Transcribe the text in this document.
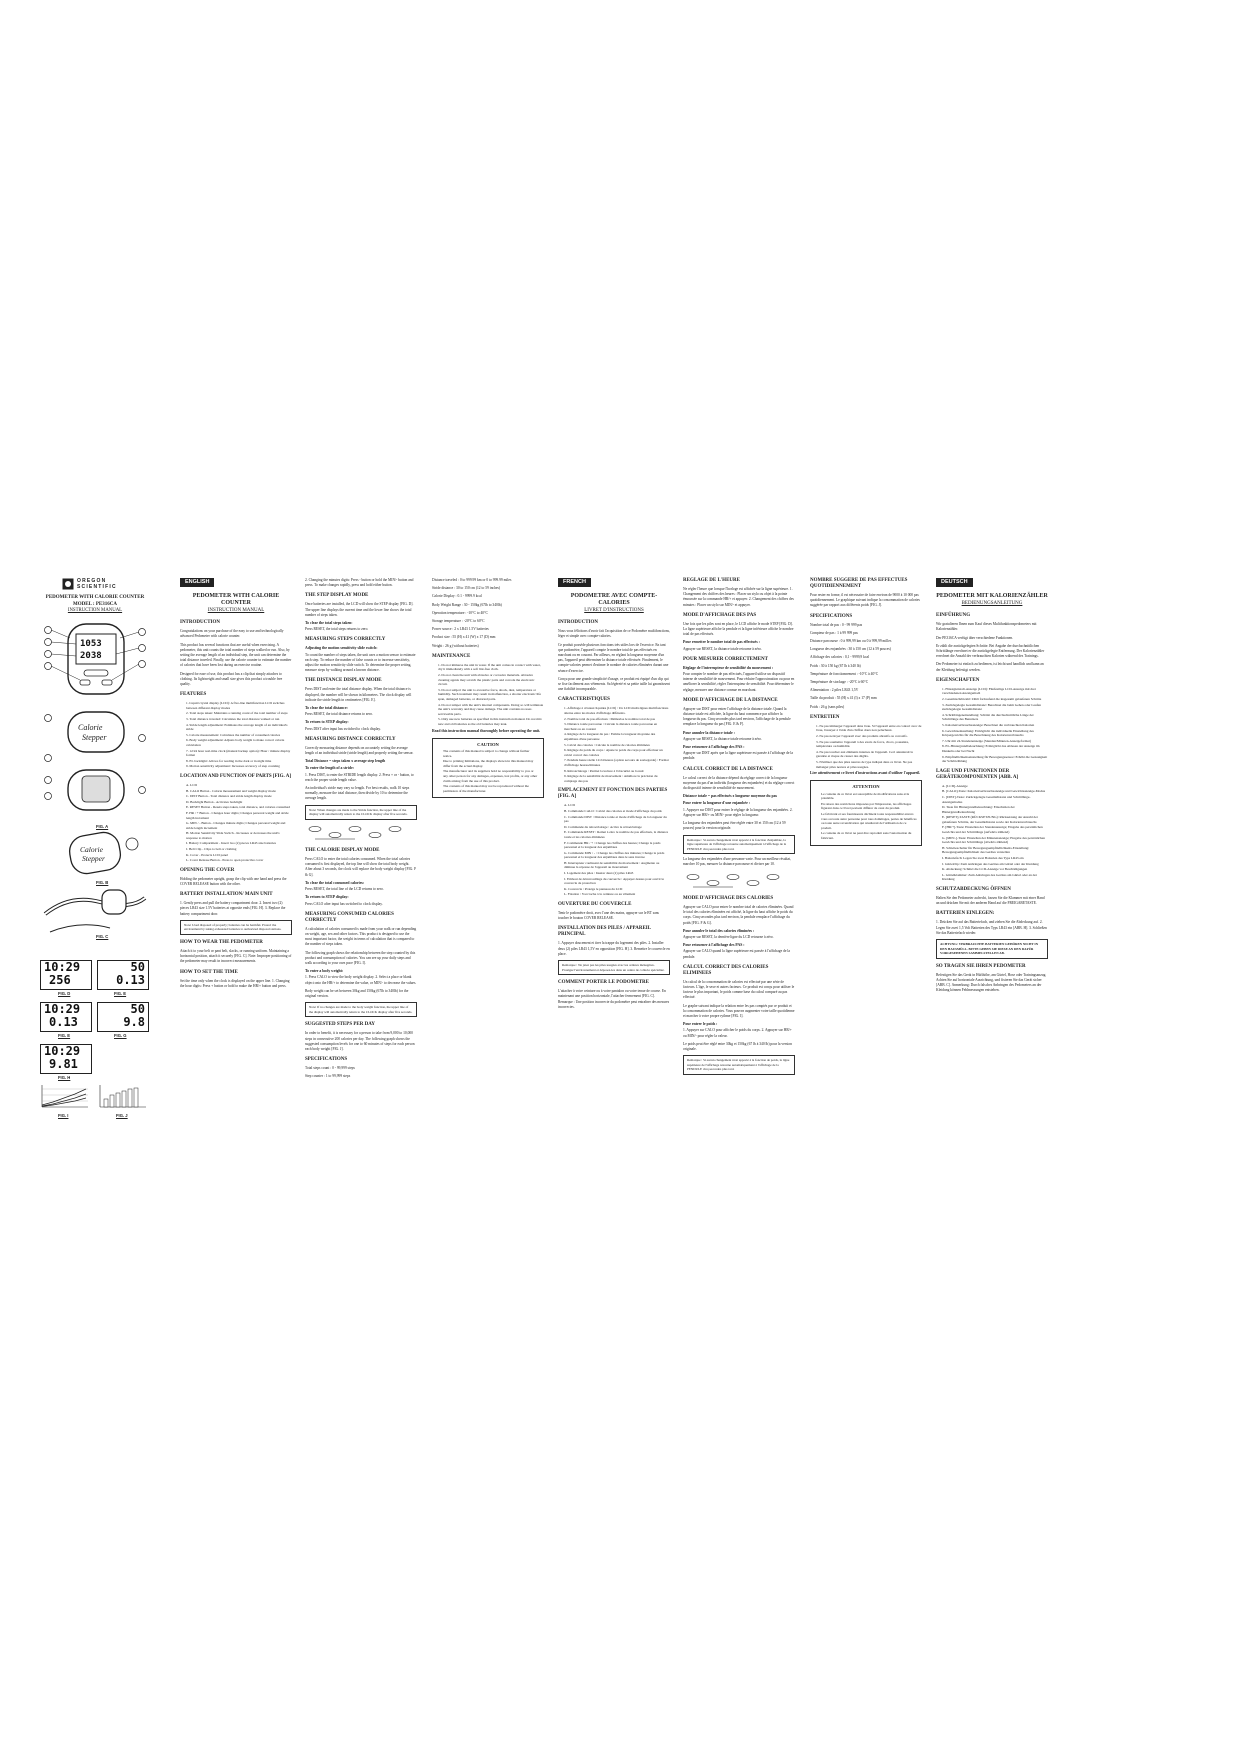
OREGON SCIENTIFIC
PEDOMETER WITH CALORIE COUNTER
MODEL : PE316CA
INSTRUCTION MANUAL
1053
2038
Calorie
Stepper
FIG. A
Calorie
Stepper
FIG. B
FIG. C
10:29
256
FIG. D
50
0.13
FIG. E
10:29
0.13
FIG. E
50
9.8
FIG. G
10:29
9.81
FIG. H
FIG. I	FIG. J
ENGLISH
PEDOMETER WITH CALORIE COUNTER
INSTRUCTION MANUAL
INTRODUCTION

Congratulations on your purchase of the easy to use and technologically advanced Pedometer with calorie counter.

This product has several functions that are useful when exercising. A pedometer, this unit counts the total number of steps walked or run. Also, by setting the average length of an individual step, the unit can determine the total distance traveled. Finally, use the calorie counter to estimate the number of calories that have been lost during an exercise routine.

Designed for ease of use, this product has a clip that simply attaches to clothing. Its lightweight and small size gives this product a trouble free quality.

FEATURES
1. Liquid crystal display (LCD): A five-line multifunction LCD switches between different display modes
2. Total steps taken: Maintains a running count of the total number of steps
3. Total distance traveled: Calculates the total distance walked or run
4. Stride length adjustment: Estimates the average length of an individual's stride
5. Calorie measurement: Calculates the number of consumed calories
6. Body weight adjustment: Adjusts body weight to make correct calorie calculation
7. 12/24 hour real-time clock (manual backup option): Hour / minute display format
8. EL backlight: Allows for reading in the dark or in night time
9. Motion sensitivity adjustment: Increases accuracy of step counting
LOCATION AND FUNCTION OF PARTS [FIG. A]
A. LCD
B. CALO Button - Calorie measurement and weight display mode
C. DIST Button - Total distance and stride length display mode
D. Backlight Button - Activates backlight
E. RESET Button - Resets steps taken, total distance, and calories consumed
F. HR / + Button - Changes hour digits; Changes personal weight and stride length increment
G. MIN / - Button - Changes minute digits; Changes personal weight and stride length increment
H. Motion Sensitivity Slide Switch - Increases or decreases the unit's response to motion
I. Battery Compartment - Insert two (2) pieces LR43 size batteries
J. Belt Clip - Clips to belt or clothing
K. Cover - Protects LCD panel
L. Cover Release Button - Press to open protective cover
OPENING THE COVER

Holding the pedometer upright, grasp the clip with one hand and press the COVER RELEASE button with the other.

BATTERY INSTALLATION/ MAIN UNIT

1. Gently press and pull the battery compartment door. 2. Insert two (2) pieces LR43 size 1.5V batteries at opposite ends [FIG. H]. 3. Replace the battery compartment door.

Note: Used disposed of properly; batteries can be harmful. Protect the environment by taking exhausted batteries to authorized disposal stations.
HOW TO WEAR THE PEDOMETER

Attach it to your belt or pant belt, slacks, or running uniform. Maintaining a horizontal position, attach it securely [FIG. C]. Note: Improper positioning of the pedometer may result in incorrect measurements.

HOW TO SET THE TIME

Set the time only when the clock is displayed on the upper line. 1. Changing the hour digits: Press + button or hold to make the HR/+ button and press.

2. Changing the minutes digits: Press - button or hold the MIN/- button and press. To make changes rapidly, press and hold either button.

THE STEP DISPLAY MODE

Once batteries are installed, the LCD will show the STEP display [FIG. D]. The upper line displays the current time and the lower line shows the total number of steps taken.

To clear the total steps taken:

Press RESET, the total steps returns to zero.

MEASURING STEPS CORRECTLY
Adjusting the motion sensitivity slide switch:

To count the number of steps taken, the unit uses a motion sensor to estimate each step. To reduce the number of false counts or to increase sensitivity, adjust the motion sensitivity slide switch. To determine the proper setting, measure steps by walking around a known distance.

THE DISTANCE DISPLAY MODE

Press DIST and enter the total distance display. When the total distance is displayed, the number will be shown in kilometers. The clock display will indicate the stride length in centimeters [FIG. E].

To clear the total distance:

Press RESET, the total distance returns to zero.

To return to STEP display:

Press DIST after input has switched to clock display.

MEASURING DISTANCE CORRECTLY

Correctly measuring distance depends on accurately setting the average length of an individual stride (stride length) and properly setting the sensor.

Total Distance = steps taken x average step length
To enter the length of a stride:

1. Press DIST, to enter the STRIDE length display. 2. Press + or - button, to reach the proper stride length value.

An individual's stride may vary so length. For best results, walk 10 steps normally, measure the total distance, then divide by 10 to determine the average length.

Note: When changes are made to the Stride function, the upper line of the display will automatically return to the CLOCK display after five seconds.
THE CALORIE DISPLAY MODE

Press CALO to enter the total calories consumed. When the total calories consumed is first displayed, the top line will show the total body weight. After about 3 seconds, the clock will replace the body weight display [FIG. F & G].

To clear the total consumed calories:

Press RESET, the total line of the LCD returns to zero.

To return to STEP display:

Press CALO after input has switched to clock display.

MEASURING CONSUMED CALORIES CORRECTLY

A calculation of calories consumed is made from your walk or run depending on weight, age, sex and other factors. This product is designed to use the most important factor, the weight in terms of calculation that is compared to the number of steps taken.

The following graph shows the relationship between the step counted by this product and consumption of calories. You can see up your daily steps and walk according to your own pace [FIG. I].

To enter a body weight:

1. Press CALO to view the body weight display. 2. Select a place or blank object onto the HR/+ to determine the value, or MIN/- to decrease the values.

Body weight can be set between 30kg and 150kg (67lb to 340lb) for the original version.

Note: If no changes are made to the body weight function, the upper line of the display will automatically return to the CLOCK display after five seconds.
SUGGESTED STEPS PER DAY

In order to benefit, it is necessary for a person to take from 9,000 to 10,000 steps in consecutive 200 calories per day. The following graph shows the suggested consumption levels for one to 60 minutes of steps for each person each body weight [FIG. J].

SPECIFICATIONS

Total steps count : 0 - 99,999 steps

Step counter : 1 to 99,999 steps

Distance traveled : 0 to 999.99 km or 0 to 999.99 miles

Stride distance : 30 to 150 cm (12 to 59 inches)

Calorie Display : 0.1 - 9999.9 kcal

Body Weight Range : 30 - 150kg (67lb to 340lb)

Operation temperature : -10°C to 40°C

Storage temperature : -20°C to 60°C

Power source : 2 x LR43 1.5V batteries

Product size : 55 (H) x 41 (W) x 17 (D) mm

Weight : 26 g (without batteries)

MAINTENANCE
1. Do not immerse the unit in water. If the unit comes in contact with water, dry it immediately with a soft lint-free cloth.
2. Do not clean the unit with abrasive or corrosive materials. Abrasive cleaning agents may scratch the plastic parts and corrode the electronic circuit.
3. Do not subject the unit to excessive force, shock, dust, temperature or humidity. Such treatment may result in malfunction, a shorter electronic life span, damaged batteries, or distorted parts.
4. Do not tamper with the unit's internal components. Doing so will terminate the unit's warranty and may cause damage. The unit contains no user-serviceable parts.
5. Only use new batteries as specified in this instruction manual. Do not mix new and old batteries as the old batteries may leak.
Read this instruction manual thoroughly before operating the unit.
CAUTION
The contents of this manual is subject to change without further notice.
Due to printing limitations, the displays shown in this manual may differ from the actual display.
The manufacturer and its suppliers hold no responsibility to you or any other person for any damages, expenses, lost profits, or any other claim arising from the use of this product.
The contents of this manual may not be reproduced without the permission of the manufacturer.
FRENCH
PODOMETRE AVEC COMPTE-CALORIES
LIVRET D'INSTRUCTIONS
INTRODUCTION

Nous vous félicitons d'avoir fait l'acquisition de ce Podomètre multifonctions, léger et simple avec compte-calories.

Ce produit possède plusieurs fonctions très utiles lors de l'exercice. En tant que podomètre, l'appareil compte le nombre total de pas effectués en marchant ou en courant. Par ailleurs, en réglant la longueur moyenne d'un pas, l'appareil peut déterminer la distance totale effectuée. Finalement, le compte-calories permet d'estimer le nombre de calories éliminées durant une séance d'exercice.

Conçu pour une grande simplicité d'usage, ce produit est équipé d'un clip qui se fixe facilement aux vêtements. Sa légèreté et sa petite taille lui garantissent une fiabilité incomparable.

CARACTERISTIQUES
1. Affichage à cristaux liquides (LCD) : Un LCD multi-lignes multifonctions alterne entre les modes d'affichage différents.
2. Nombre total de pas effectués : Mémorise le nombre total de pas
3. Distance totale parcourue : Calcule la distance totale parcourue en marchant ou en courant
4. Réglage de la longueur du pas : Estime la longueur moyenne des enjambées d'une personne
5. Calcul des calories : Calcule le nombre de calories éliminées
6. Réglage du poids du corps : Ajuste le poids du corps pour effectuer un calcul correct des calories
7. Pendule heure réelle 12/24 heures (option secours de sauvegarde) : Format d'affichage heures/minutes
8. Rétroéclairage : Permet la lecture à l'obscurité ou la nuit
9. Réglage de la sensibilité de mouvement : Améliore la précision du comptage des pas
EMPLACEMENT ET FONCTION DES PARTIES [FIG. A]
A. LCD
B. Commande CALO : Calcul des calories et mode d'affichage du poids
C. Commande DIST : Distance totale et mode d'affichage de la longueur du pas
D. Commande du rétroéclairage : Active le rétroéclairage
E. Commande RESET : Remet à zéro le nombre de pas effectués, la distance totale et les calories éliminées
F. Commande HR / + : Change les chiffres des heures; Change le poids personnel et la longueur des enjambées
G. Commande MIN / - : Change les chiffres des minutes; Change le poids personnel et la longueur des enjambées dans le sens inverse
H. Interrupteur coulissant de sensibilité du mouvement : Augmente ou diminue la réponse de l'appareil au mouvement
I. Logement des piles : Insérer deux (2) piles LR43
J. Embout de déverrouillage du couvercle : Appuyer dessus pour ouvrir le couvercle de protection
K. Couvercle : Protège le panneau du LCD
L. Fixation : S'accroche à la ceinture ou au vêtement
OUVERTURE DU COUVERCLE

Tenir le podomètre droit, avec l'une des mains, appuyer sur le BT sans toucher le bouton COVER RELEASE.

INSTALLATION DES PILES / APPAREIL PRINCIPAL

1. Appuyer doucement et tirer la trappe du logement des piles. 2. Installer deux (2) piles LR43 1,5V en opposition [FIG. H]. 3. Remettre le couvercle en place.

Remarque : Ne jetez pas les piles usagées avec les ordures ménagères. Protégez l'environnement et déposez-les dans un centre de collecte spécialisé.
COMMENT PORTER LE PODOMETRE

L'attacher à votre ceinture ou à votre pantalon ou votre tenue de course. En maintenant une position horizontale, l'attacher fermement [FIG. C]. Remarque : Une position incorrecte du podomètre peut entraîner des mesures incorrectes.

REGLAGE DE L'HEURE

Ne régler l'heure que lorsque l'horloge est affichée sur la ligne supérieure. 1. Changement des chiffres des heures : Placer un stylo ou objet à la pointe émoussée sur la commande HR/+ et appuyer. 2. Changement des chiffres des minutes : Placer un stylo sur MIN/- et appuyer.

MODE D'AFFICHAGE DES PAS

Une fois que les piles sont en place, le LCD affiche le mode STEP [FIG. D]. La ligne supérieure affiche la pendule et la ligne inférieure affiche le nombre total de pas effectués.

Pour remettre le nombre total de pas effectués :

Appuyer sur RESET, la distance totale retourne à zéro.

POUR MESURER CORRECTEMENT
Réglage de l'interrupteur de sensibilité du mouvement :

Pour compter le nombre de pas effectués, l'appareil utilise un dispositif interne de sensibilité de mouvement. Pour réduire l'approximation ou pour en améliorer la sensibilité, régler l'interrupteur de sensibilité. Pour déterminer le réglage, mesurer une distance connue en marchant.

MODE D'AFFICHAGE DE LA DISTANCE

Appuyer sur DIST pour entrer l'affichage de la distance totale. Quand la distance totale est affichée, la ligne du haut commence par afficher la longueur du pas. Cinq secondes plus tard environ, l'affichage de la pendule remplace la longueur du pas [FIG. E & F].

Pour annuler la distance totale :

Appuyer sur RESET, la distance totale retourne à zéro.

Pour retourner à l'affichage des PAS :

Appuyer sur DIST après que la ligne supérieure est passée à l'affichage de la pendule.

CALCUL CORRECT DE LA DISTANCE

Le calcul correct de la distance dépend du réglage correct de la longueur moyenne du pas d'un individu (longueur des enjambées) et du réglage correct du dispositif interne de sensibilité de mouvement.

Distance totale = pas effectués x longueur moyenne du pas
Pour entrer la longueur d'une enjambée :

1. Appuyer sur DIST pour entrer le réglage de la longueur des enjambées. 2. Appuyer sur HR/+ ou MIN/- pour régler la longueur.

La longueur des enjambées peut être réglée entre 30 et 150 cm (12 à 59 pouces) pour la version originale.

Remarque : Si aucun changement n'est apporté à la fonction d'enjambée, la ligne supérieure de l'affichage retourne automatiquement à l'affichage de la PENDULE cinq secondes plus tard.

La longueur des enjambées d'une personne varie. Pour un meilleur résultat, marcher 10 pas, mesurer la distance parcourue et diviser par 10.

MODE D'AFFICHAGE DES CALORIES

Appuyer sur CALO pour entrer le nombre total de calories éliminées. Quand le total des calories éliminées est affiché, la ligne du haut affiche le poids du corps. Cinq secondes plus tard environ, la pendule remplace l'affichage du poids [FIG. F & G].

Pour annuler le total des calories éliminées :

Appuyer sur RESET, la dernière ligne du LCD retourne à zéro.

Pour retourner à l'affichage des PAS :

Appuyer sur CALO quand la ligne supérieure est passée à l'affichage de la pendule.

CALCUL CORRECT DES CALORIES ELIMINEES

Un calcul de la consommation de calories est effectué par une série de facteurs. L'âge, le sexe et autres facteurs. Ce produit est conçu pour utiliser le facteur le plus important, le poids comme base du calcul comparé au pas effectué.

Le graphe suivant indique la relation entre les pas comptés par ce produit et la consommation de calories. Vous pouvez augmenter votre taille quotidienne et marcher à votre propre rythme [FIG. I].

Pour entrer le poids :

1. Appuyer sur CALO pour afficher le poids du corps. 2. Appuyer sur HR/+ ou MIN/- pour régler la valeur.

Le poids peut être réglé entre 30kg et 150kg (67 lb à 340 lb) pour la version originale.

Remarque : Si aucun changement n'est apporté à la fonction de poids, la ligne supérieure de l'affichage retourne automatiquement à l'affichage de la PENDULE cinq secondes plus tard.
NOMBRE SUGGERE DE PAS EFFECTUES QUOTIDIENNEMENT

Pour rester en forme, il est nécessaire de faire environ de 9000 à 10 000 pas quotidiennement. Le graphique suivant indique la consommation de calories suggérée par rapport aux différents poids [FIG. J].

SPECIFICATIONS

Nombre total de pas : 0 - 99 999 pas

Compteur de pas : 1 à 99 999 pas

Distance parcourue : 0 à 999,99 km ou 0 à 999,99 milles

Longueur des enjambées : 30 à 150 cm (12 à 59 pouces)

Affichage des calories : 0,1 - 9999,9 kcal

Poids : 30 à 150 kg (67 lb à 340 lb)

Température de fonctionnement : -10°C à 40°C

Température de stockage : -20°C à 60°C

Alimentation : 2 piles LR43 1,5V

Taille du produit : 55 (H) x 41 (l) x 17 (P) mm

Poids : 26 g (sans piles)

ENTRETIEN
1. Ne pas immerger l'appareil dans l'eau. Si l'appareil entre en contact avec de l'eau, l'essuyer à l'aide d'un chiffon doux non pelucheux.
2. Ne pas nettoyer l'appareil avec des produits abrasifs ou corrosifs.
3. Ne pas soumettre l'appareil à des excès de force, chocs, poussière, température ou humidité.
4. Ne pas toucher aux éléments internes de l'appareil. Ceci annulerait la garantie et risque de causer des dégâts.
5. N'utiliser que des piles neuves de type indiqué dans ce livret. Ne pas mélanger piles neuves et piles usagées.
Lire attentivement ce livret d'instructions avant d'utiliser l'appareil.
ATTENTION
Le contenu de ce livret est susceptible de modifications sans avis préalable.
En raison des restrictions imposées par l'impression, les affichages figurant dans ce livret peuvent différer de ceux du produit.
Le fabricant et ses fournisseurs déclinent toute responsabilité envers vous ou toute autre personne pour tous dommages, pertes de bénéfices ou toute autre revendication qui résulterait de l'utilisation de ce produit.
Le contenu de ce livret ne peut être reproduit sans l'autorisation du fabricant.
DEUTSCH
PEDOMETER MIT KALORIENZÄHLER
BEDIENUNGSANLEITUNG
EINFÜHRUNG

Wir gratulieren Ihnen zum Kauf dieses Multifunktionspedometers mit Kalorienzähler.

Der PE316CA verfügt über verschiedene Funktionen.

Er zählt die zurückgelegten Schritte. Bei Angabe der durchschnittlichen Schrittlänge errechnet er die zurückgelegte Entfernung. Der Kalorienzähler errechnet die Anzahl der verbrauchten Kalorien während des Trainings.

Der Pedometer ist einfach zu bedienen, ist leicht und handlich und kann an der Kleidung befestigt werden.

EIGENSCHAFTEN
1. Flüssigkristall-Anzeige (LCD): Fünfzeilige LCD-Anzeige mit drei verschiedenen Anzeigemodi
2. Gesamtschrittzahl: Zählt fortlaufend die insgesamt gelaufenen Schritte
3. Zurückgelegte Gesamtdistanz: Berechnet die beim Gehen oder Laufen zurückgelegte Gesamtdistanz
4. Schrittlängeneinstellung: Schätzt die durchschnittliche Länge der Schrittlänge des Benutzers
5. Kalorienverbrauchsanzeige: Berechnet die verbrauchten Kalorien
6. Gewichtseinstellung: Ermöglicht die individuelle Einstellung des Körpergewichts für die Berechnung des Kalorienverbrauchs
7. Uhr mit 24-Stundenanzeige (Stunden/Minuten-Anzeigeformat)
8. EL-Hintergrundbeleuchtung: Ermöglicht das Ablesen der Anzeige im Dunkeln oder bei Nacht
9. Empfindlichkeitseinstellung für Bewegungssensor: Erhöht die Genauigkeit der Schrittzählung
LAGE UND FUNKTIONEN DER GERÄTEKOMPONENTEN [ABB. A]
A. [LCD]-Anzeige
B. [CALO]-Taste: Kalorienverbrauchsanzeige und Gewichtsanzeige-Modus
C. [DIST]-Taste: Zurückgelegte Gesamtdistanz und Schrittlänge-Anzeigemodus
D. Taste für Hintergrundbeleuchtung: Einschalten der Hintergrundbeleuchtung
E. [RESET]-TASTE (RÜCKSETZUNG): Rücksetzung der Anzahl der gelaufenen Schritte, der Gesamtdistanz sowie der Kalorienverbrauchs
F. [HR/+]-Taste: Einstellen der Stundenanzeige; Eingabe des persönlichen Gewichts und der Schrittlänge (aufwärts zählend)
G. [MIN/-]-Taste: Einstellen der Minutenanzeige; Eingabe des persönlichen Gewichts und der Schrittlänge (abwärts zählend)
H. Schiebeschalter für Bewegungsempfindlichkeits-Einstellung: Bewegungsempfindlichkeit des Gerätes verstellen
I. Batteriefach: Legen Sie zwei Batterien des Typs LR43 ein
J. Gürtelclip: Zum Anbringen des Gerätes am Gürtel oder der Kleidung
K. Abdeckung: Schützt die LCD-Anzeige vor Beschädigungen
L. Gürtelklammer: Zum Anbringen des Gerätes am Gürtel oder an der Kleidung
SCHUTZABDECKUNG ÖFFNEN

Halten Sie den Pedometer aufrecht, fassen Sie die Klammer mit einer Hand an und drücken Sie mit der anderen Hand auf die FREIGABETASTE.

BATTERIEN EINLEGEN:

1. Drücken Sie auf das Batteriefach, und ziehen Sie die Abdeckung auf. 2. Legen Sie zwei 1,5 Volt Batterien des Typs LR43 ein [ABB. H]. 3. Schließen Sie das Batteriefach wieder.

ACHTUNG: VERBRAUCHTE BATTERIEN GEHÖREN NICHT IN DEN HAUSMÜLL. BITTE GEBEN SIE DIESE AN DEN DAFÜR VORGESEHENEN SAMMELSTELLEN AB.
SO TRAGEN SIE IHREN PEDOMETER

Befestigen Sie das Gerät in Hüfthöhe, am Gürtel, Hose oder Trainingsanzug. Achten Sie auf horizontale Ausrichtung, und fixieren Sie das Gerät sicher [ABB. C]. Anmerkung: Durch falsches Anbringen des Pedometers an der Kleidung können Fehlmessungen entstehen.
